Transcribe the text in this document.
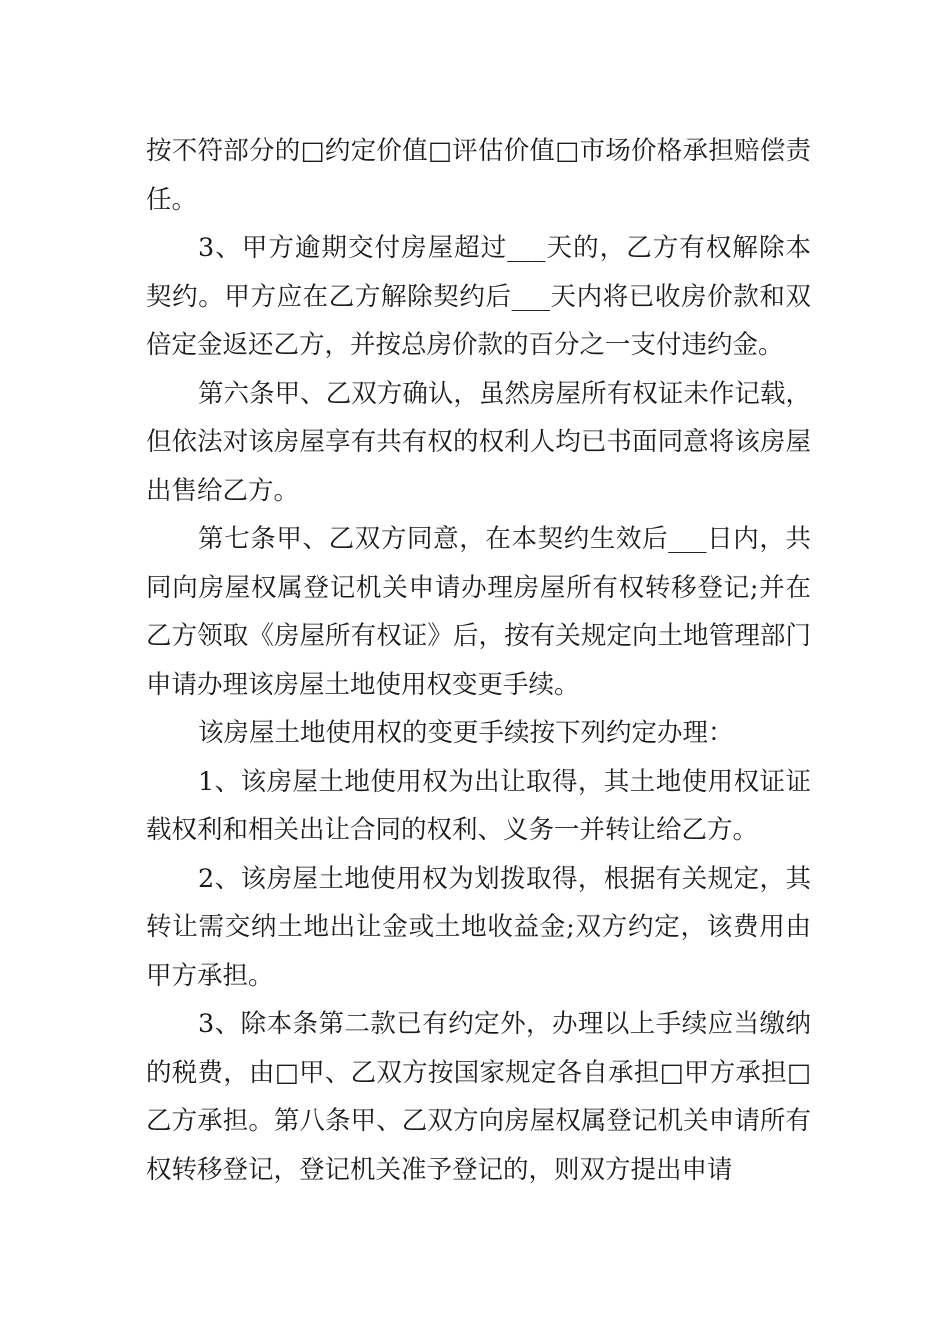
按不符部分的□约定价值□评估价值□市场价格承担赔偿责任。

3、甲方逾期交付房屋超过___天的，乙方有权解除本契约。甲方应在乙方解除契约后___天内将已收房价款和双倍定金返还乙方，并按总房价款的百分之一支付违约金。

第六条甲、乙双方确认，虽然房屋所有权证未作记载，但依法对该房屋享有共有权的权利人均已书面同意将该房屋出售给乙方。

第七条甲、乙双方同意，在本契约生效后___日内，共同向房屋权属登记机关申请办理房屋所有权转移登记;并在乙方领取《房屋所有权证》后，按有关规定向土地管理部门申请办理该房屋土地使用权变更手续。

该房屋土地使用权的变更手续按下列约定办理：

1、该房屋土地使用权为出让取得，其土地使用权证证载权利和相关出让合同的权利、义务一并转让给乙方。

2、该房屋土地使用权为划拨取得，根据有关规定，其转让需交纳土地出让金或土地收益金;双方约定，该费用由甲方承担。

3、除本条第二款已有约定外，办理以上手续应当缴纳的税费，由□甲、乙双方按国家规定各自承担□甲方承担□乙方承担。第八条甲、乙双方向房屋权属登记机关申请所有权转移登记，登记机关准予登记的，则双方提出申请
